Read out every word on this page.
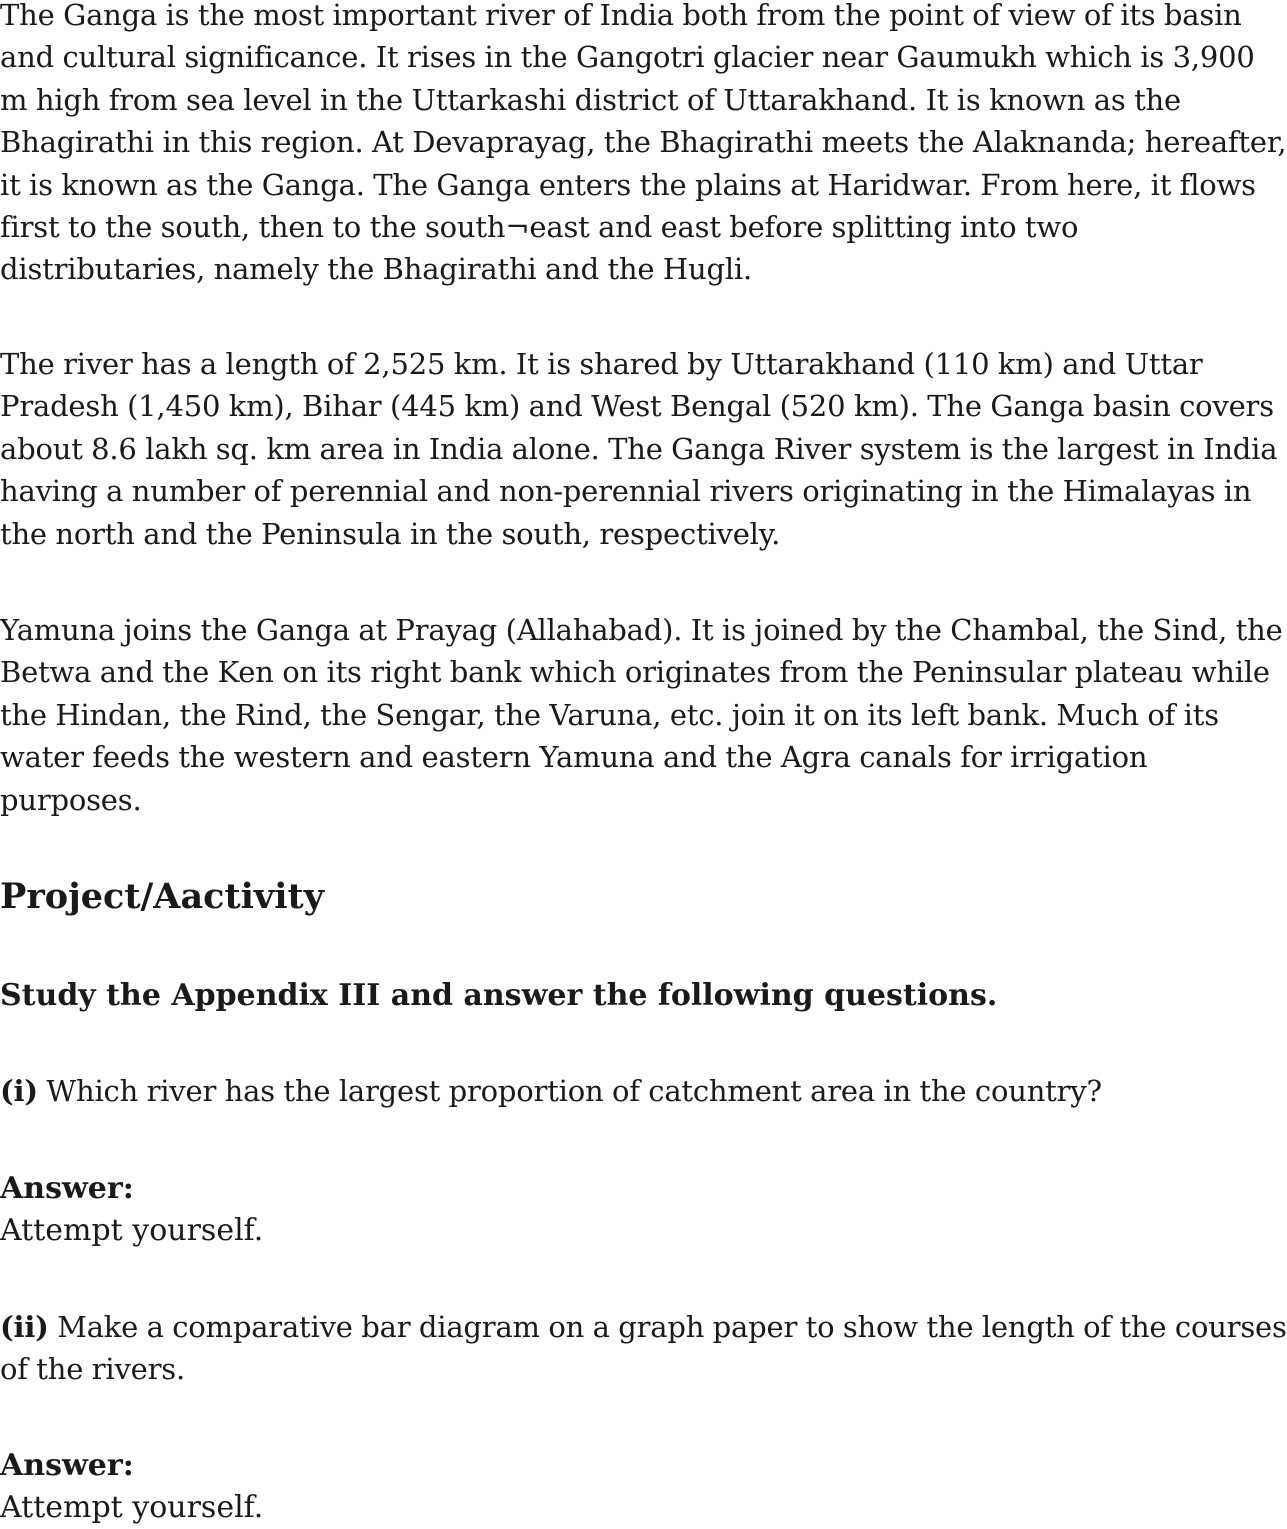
The Ganga is the most important river of India both from the point of view of its basin and cultural significance. It rises in the Gangotri glacier near Gaumukh which is 3,900 m high from sea level in the Uttarkashi district of Uttarakhand. It is known as the Bhagirathi in this region. At Devaprayag, the Bhagirathi meets the Alaknanda; hereafter, it is known as the Ganga. The Ganga enters the plains at Haridwar. From here, it flows first to the south, then to the south¬east and east before splitting into two distributaries, namely the Bhagirathi and the Hugli.

The river has a length of 2,525 km. It is shared by Uttarakhand (110 km) and Uttar Pradesh (1,450 km), Bihar (445 km) and West Bengal (520 km). The Ganga basin covers about 8.6 lakh sq. km area in India alone. The Ganga River system is the largest in India having a number of perennial and non-perennial rivers originating in the Himalayas in the north and the Peninsula in the south, respectively.

Yamuna joins the Ganga at Prayag (Allahabad). It is joined by the Chambal, the Sind, the Betwa and the Ken on its right bank which originates from the Peninsular plateau while the Hindan, the Rind, the Sengar, the Varuna, etc. join it on its left bank. Much of its water feeds the western and eastern Yamuna and the Agra canals for irrigation purposes.

Project/Aactivity

Study the Appendix III and answer the following questions.

(i) Which river has the largest proportion of catchment area in the country?

Answer:

Attempt yourself.

(ii) Make a comparative bar diagram on a graph paper to show the length of the courses of the rivers.

Answer:

Attempt yourself.
